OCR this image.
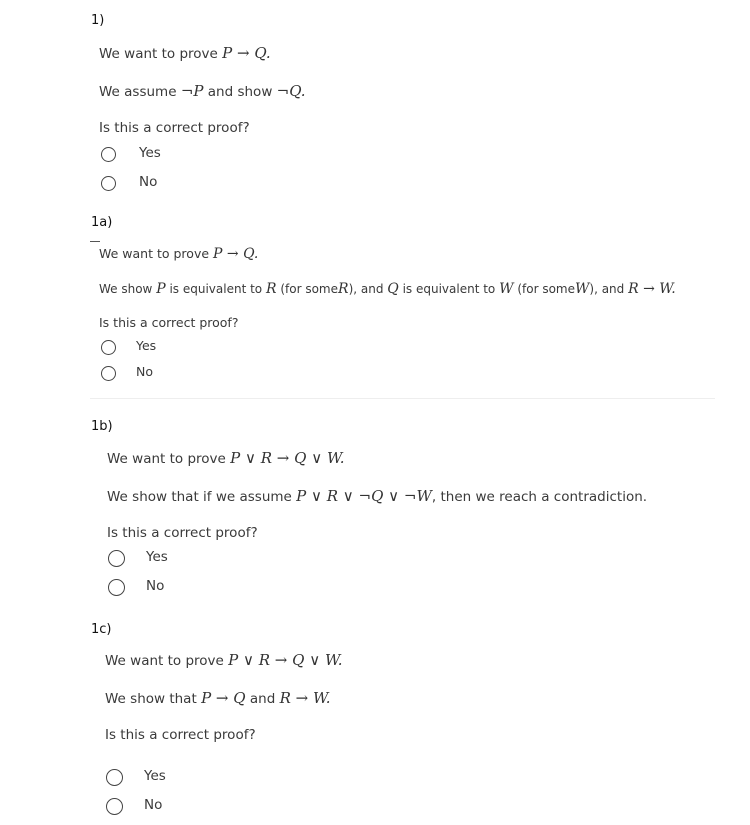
1)
We want to prove P → Q.
We assume ¬P and show ¬Q.
Is this a correct proof?
Yes
No
1a)
We want to prove P → Q.
We show P is equivalent to R (for someR), and Q is equivalent to W (for someW), and R → W.
Is this a correct proof?
Yes
No
1b)
We want to prove P ∨ R → Q ∨ W.
We show that if we assume P ∨ R ∨ ¬Q ∨ ¬W, then we reach a contradiction.
Is this a correct proof?
Yes
No
1c)
We want to prove P ∨ R → Q ∨ W.
We show that P → Q and R → W.
Is this a correct proof?
Yes
No
